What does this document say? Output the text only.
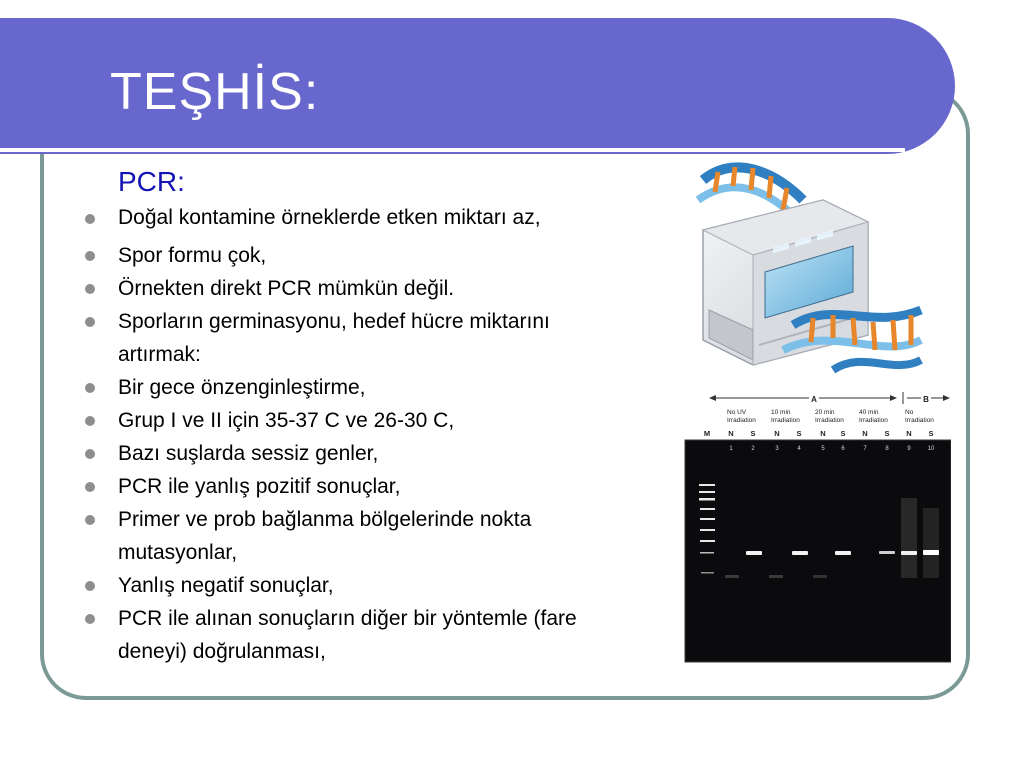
TEŞHİS:
PCR:
Doğal kontamine örneklerde etken miktarı az,
Spor formu çok,
Örnekten direkt PCR mümkün değil.
Sporların germinasyonu, hedef hücre miktarını artırmak:
Bir gece önzenginleştirme,
Grup I ve II için 35-37 C ve 26-30 C,
Bazı suşlarda sessiz genler,
PCR ile yanlış pozitif sonuçlar,
Primer ve prob bağlanma bölgelerinde nokta mutasyonlar,
Yanlış negatif sonuçlar,
PCR ile alınan sonuçların diğer bir yöntemle (fare deneyi) doğrulanması,
A	B
No UV
Irradiation
10 min
Irradiation
20 min
Irradiation
40 min
Irradiation
No
Irradiation
M N S	N S	N S N S N S
1	2	3	4	5	6	7	8	9	10
